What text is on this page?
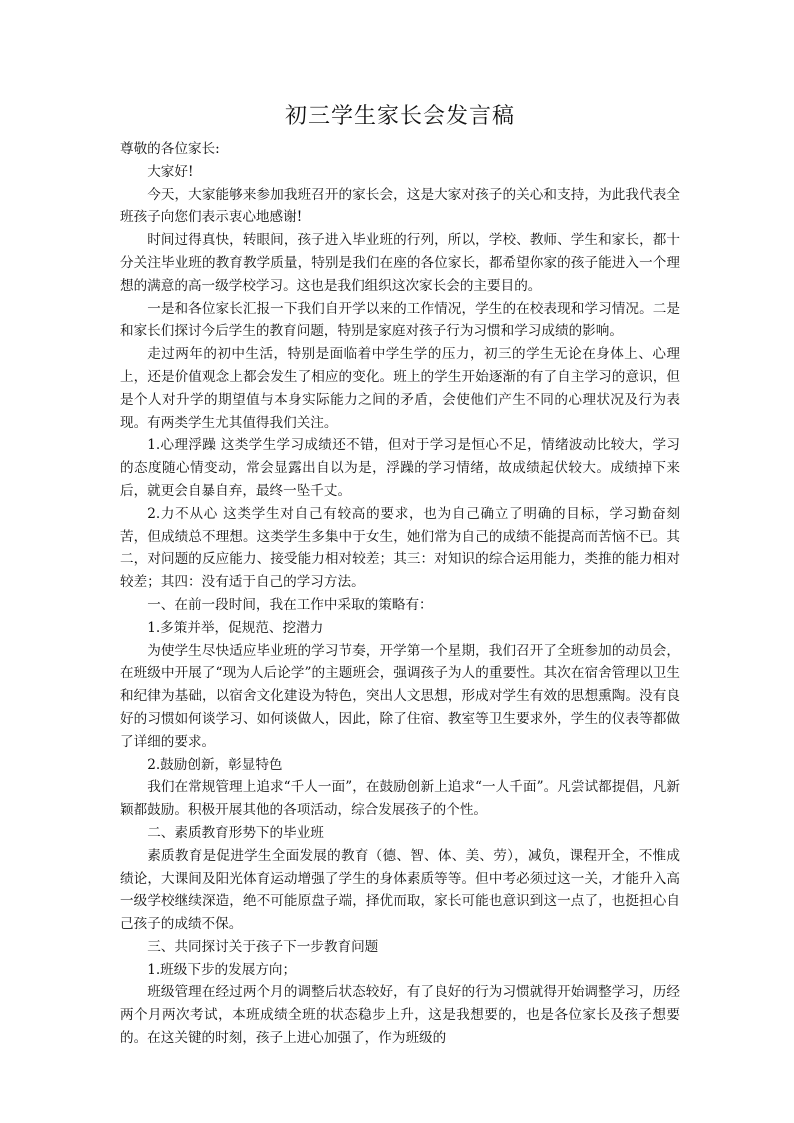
初三学生家长会发言稿

尊敬的各位家长:

大家好!

今天，大家能够来参加我班召开的家长会，这是大家对孩子的关心和支持，为此我代表全班孩子向您们表示衷心地感谢!

时间过得真快，转眼间，孩子进入毕业班的行列，所以，学校、教师、学生和家长，都十分关注毕业班的教育教学质量，特别是我们在座的各位家长，都希望你家的孩子能进入一个理想的满意的高一级学校学习。这也是我们组织这次家长会的主要目的。

一是和各位家长汇报一下我们自开学以来的工作情况，学生的在校表现和学习情况。二是和家长们探讨今后学生的教育问题，特别是家庭对孩子行为习惯和学习成绩的影响。

走过两年的初中生活，特别是面临着中学生学的压力，初三的学生无论在身体上、心理上，还是价值观念上都会发生了相应的变化。班上的学生开始逐渐的有了自主学习的意识，但是个人对升学的期望值与本身实际能力之间的矛盾，会使他们产生不同的心理状况及行为表现。有两类学生尤其值得我们关注。

1.心理浮躁 这类学生学习成绩还不错，但对于学习是恒心不足，情绪波动比较大，学习的态度随心情变动，常会显露出自以为是，浮躁的学习情绪，故成绩起伏较大。成绩掉下来后，就更会自暴自弃，最终一坠千丈。

2.力不从心 这类学生对自己有较高的要求，也为自己确立了明确的目标，学习勤奋刻苦，但成绩总不理想。这类学生多集中于女生，她们常为自己的成绩不能提高而苦恼不已。其二，对问题的反应能力、接受能力相对较差；其三：对知识的综合运用能力，类推的能力相对较差；其四：没有适于自己的学习方法。

一、在前一段时间，我在工作中采取的策略有：

1.多策并举，促规范、挖潜力

为使学生尽快适应毕业班的学习节奏，开学第一个星期，我们召开了全班参加的动员会，在班级中开展了“现为人后论学”的主题班会，强调孩子为人的重要性。其次在宿舍管理以卫生和纪律为基础，以宿舍文化建设为特色，突出人文思想，形成对学生有效的思想熏陶。没有良好的习惯如何谈学习、如何谈做人，因此，除了住宿、教室等卫生要求外，学生的仪表等都做了详细的要求。

2.鼓励创新，彰显特色

我们在常规管理上追求“千人一面”，在鼓励创新上追求“一人千面”。凡尝试都提倡，凡新颖都鼓励。积极开展其他的各项活动，综合发展孩子的个性。

二、素质教育形势下的毕业班

素质教育是促进学生全面发展的教育（德、智、体、美、劳），减负，课程开全，不惟成绩论，大课间及阳光体育运动增强了学生的身体素质等等。但中考必须过这一关，才能升入高一级学校继续深造，绝不可能原盘子端，择优而取，家长可能也意识到这一点了，也挺担心自己孩子的成绩不保。

三、共同探讨关于孩子下一步教育问题

1.班级下步的发展方向；

班级管理在经过两个月的调整后状态较好，有了良好的行为习惯就得开始调整学习，历经两个月两次考试，本班成绩全班的状态稳步上升，这是我想要的，也是各位家长及孩子想要的。在这关键的时刻，孩子上进心加强了，作为班级的
